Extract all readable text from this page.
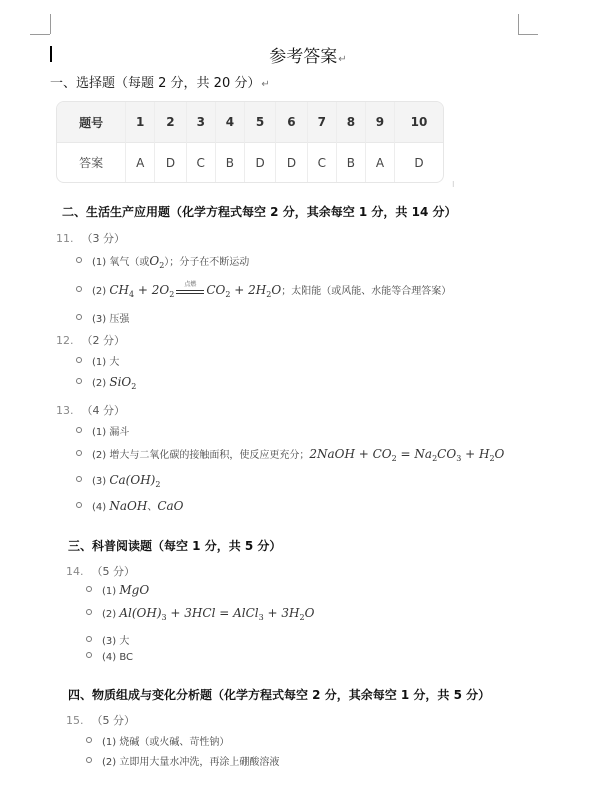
参考答案↵
一、选择题（每题 2 分，共 20 分）↵
题号	1	2	3	4	5	6	7	8	9	10
答案	A	D	C	B	D	D	C	B	A	D
⁝
二、生活生产应用题（化学方程式每空 2 分，其余每空 1 分，共 14 分）
11. （3 分）
(1) 氧气（或$O_2$）；分子在不断运动
(2) $CH_4 + 2O_2$
点燃 $CO_2 + 2H_2O$；太阳能（或风能、水能等合理答案）
(3) 压强
12. （2 分）
(1) 大
(2) SiO$_2$
13. （4 分）
(1) 漏斗
(2) 增大与二氧化碳的接触面积，使反应更充分；2NaOH + $CO_2 = Na_2CO_3 + H_2O$
(3) $Ca(OH)_2$
(4) NaOH、CaO
三、科普阅读题（每空 1 分，共 5 分）
14. （5 分）
(1) MgO
(2) $Al(OH)_3 + 3HCl$ = AlCl$_3$ + $3H_2O$
(3) 大
(4) BC
四、物质组成与变化分析题（化学方程式每空 2 分，其余每空 1 分，共 5 分）
15. （5 分）
(1) 烧碱（或火碱、苛性钠）
(2) 立即用大量水冲洗，再涂上硼酸溶液
